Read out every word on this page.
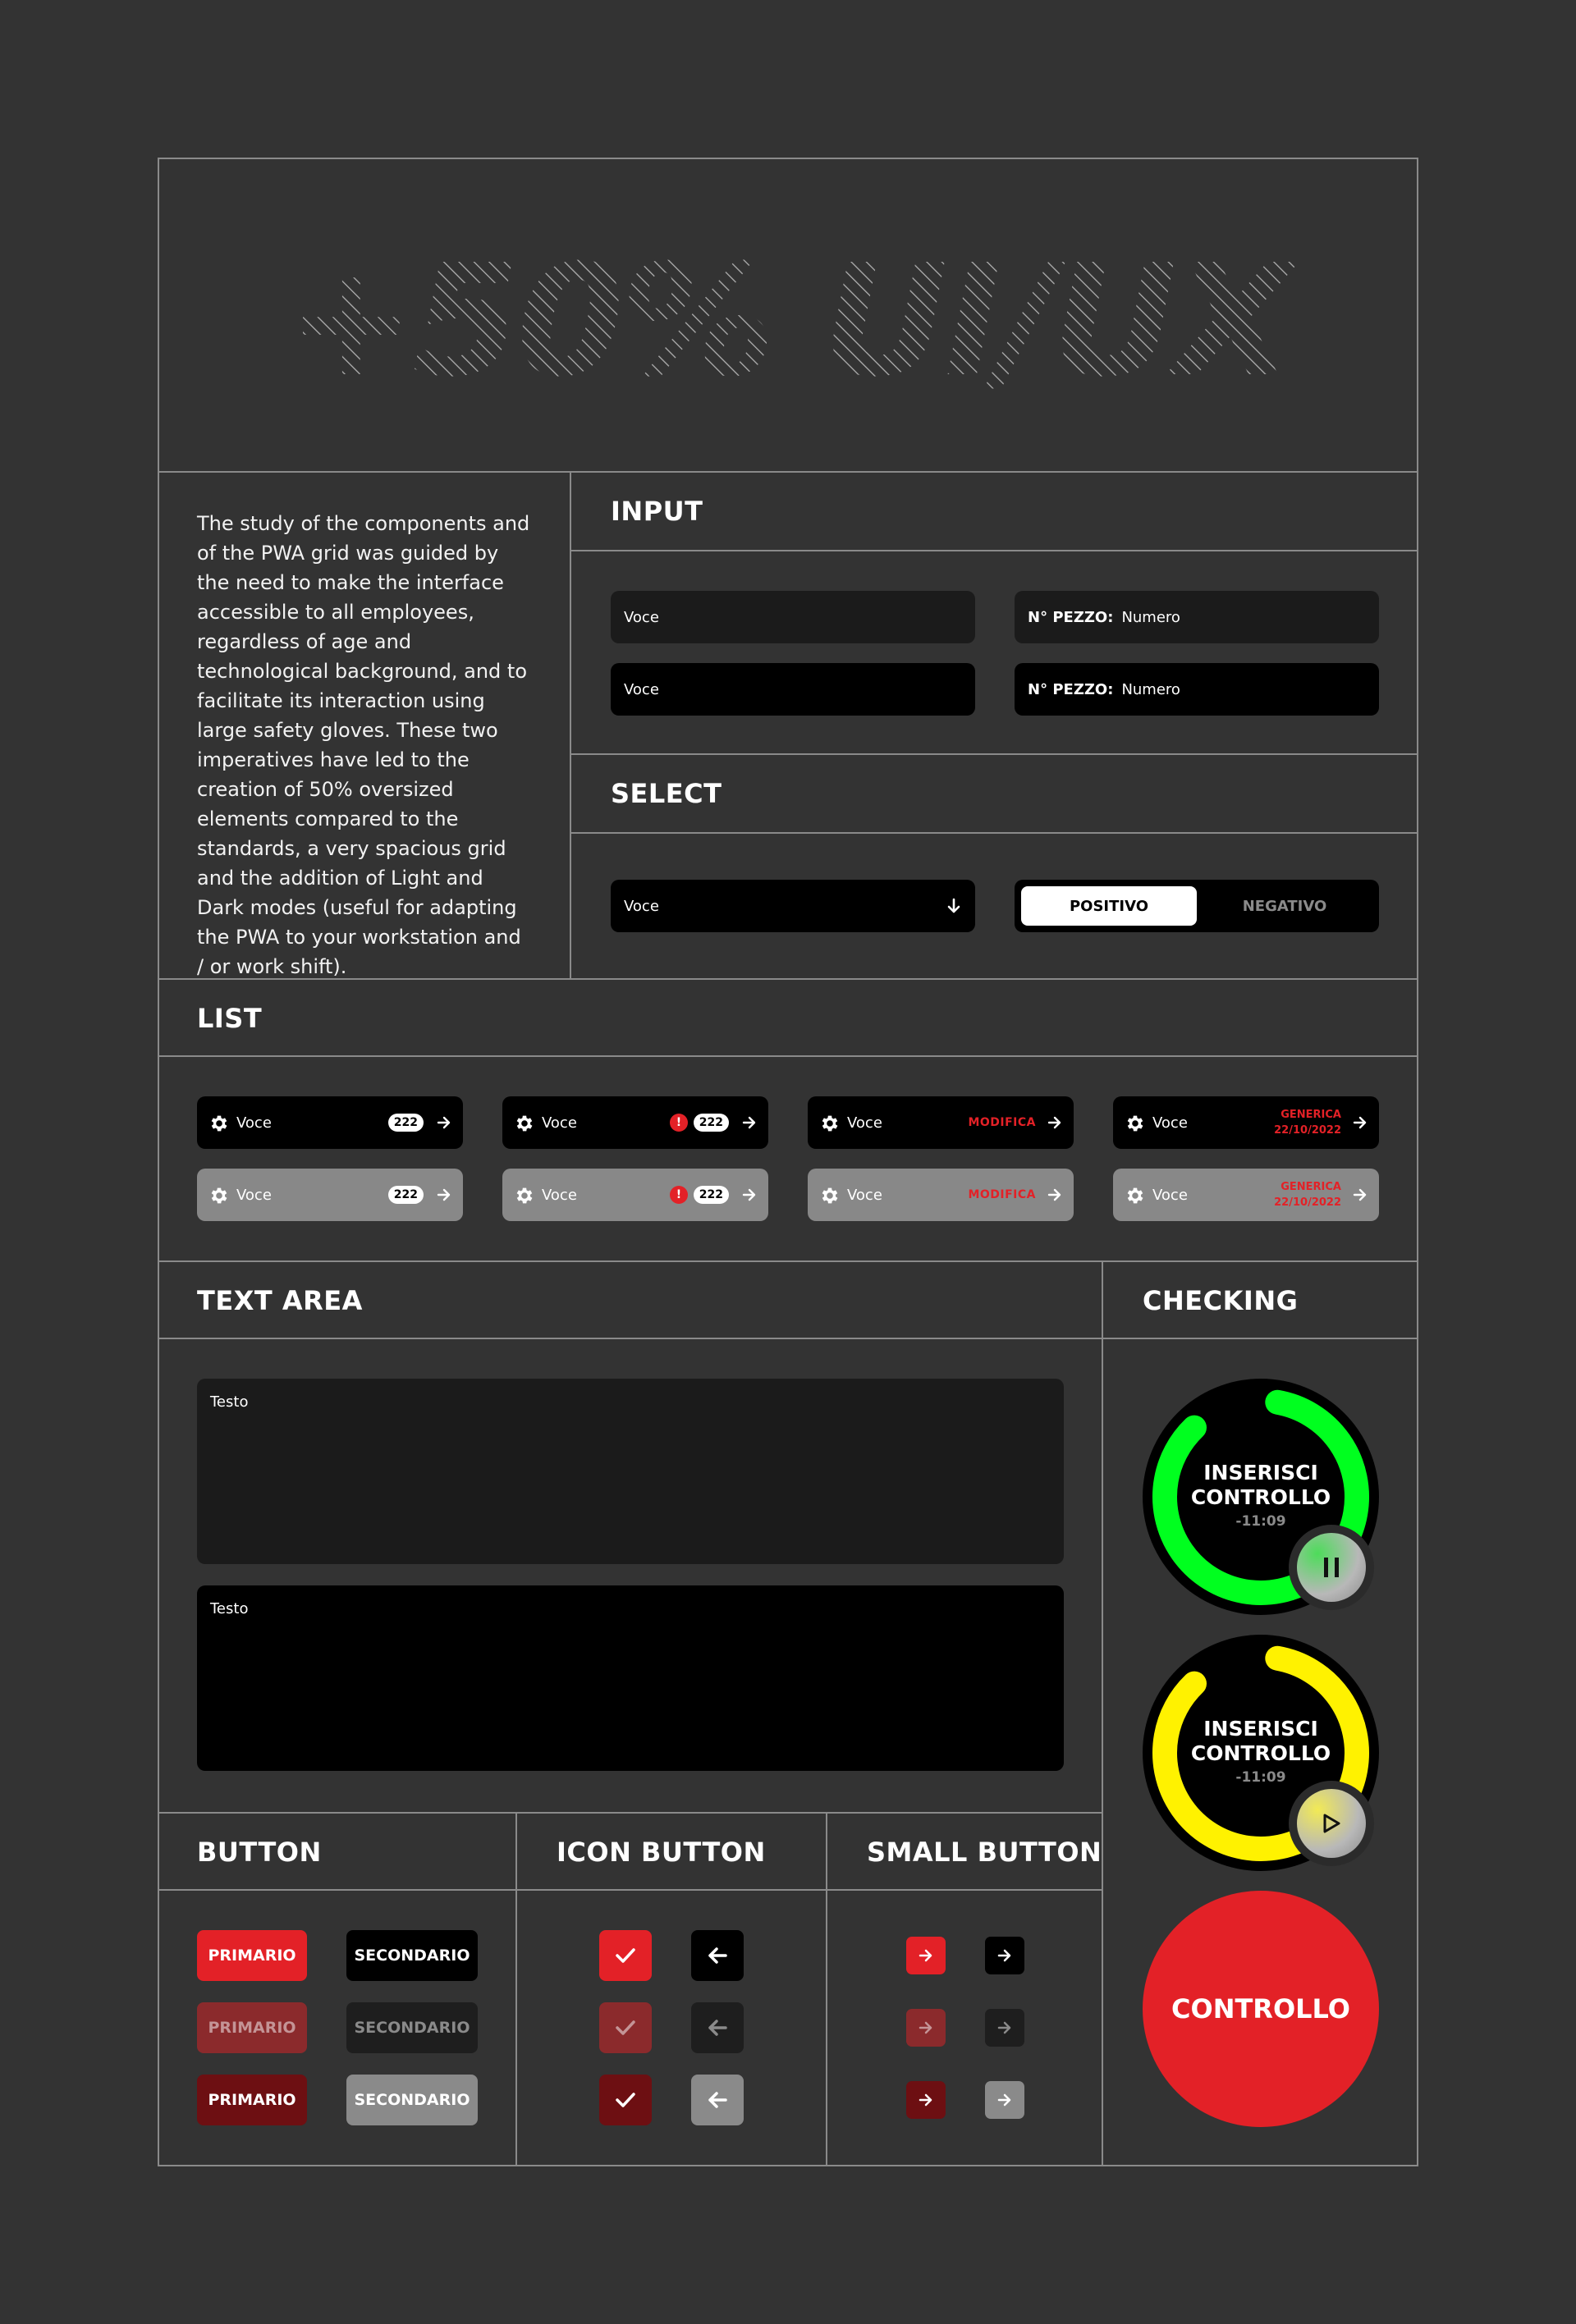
+50% UI/UX
The study of the components and of the PWA grid was guided by the need to make the interface accessible to all employees, regardless of age and technological background, and to facilitate its interaction using large safety gloves. These two imperatives have led to the creation of 50% oversized elements compared to the standards, a very spacious grid and the addition of Light and Dark modes (useful for adapting the PWA to your workstation and / or work shift).
INPUT
Voce	N° PEZZO: Numero
Voce	N° PEZZO: Numero
SELECT
Voce	POSITIVO	NEGATIVO
LIST
Voce	222	Voce	!	222	Voce	MODIFICA	Voce	GENERICA
22/10/2022
Voce	222	Voce	!	222	Voce	MODIFICA	Voce	GENERICA
22/10/2022
TEXT AREA
Testo
Testo
CHECKING
INSERISCI
CONTROLLO
-11:09
INSERISCI
CONTROLLO
-11:09
CONTROLLO
BUTTON	ICON BUTTON	SMALL BUTTON
PRIMARIO	SECONDARIO
PRIMARIO	SECONDARIO
PRIMARIO	SECONDARIO
